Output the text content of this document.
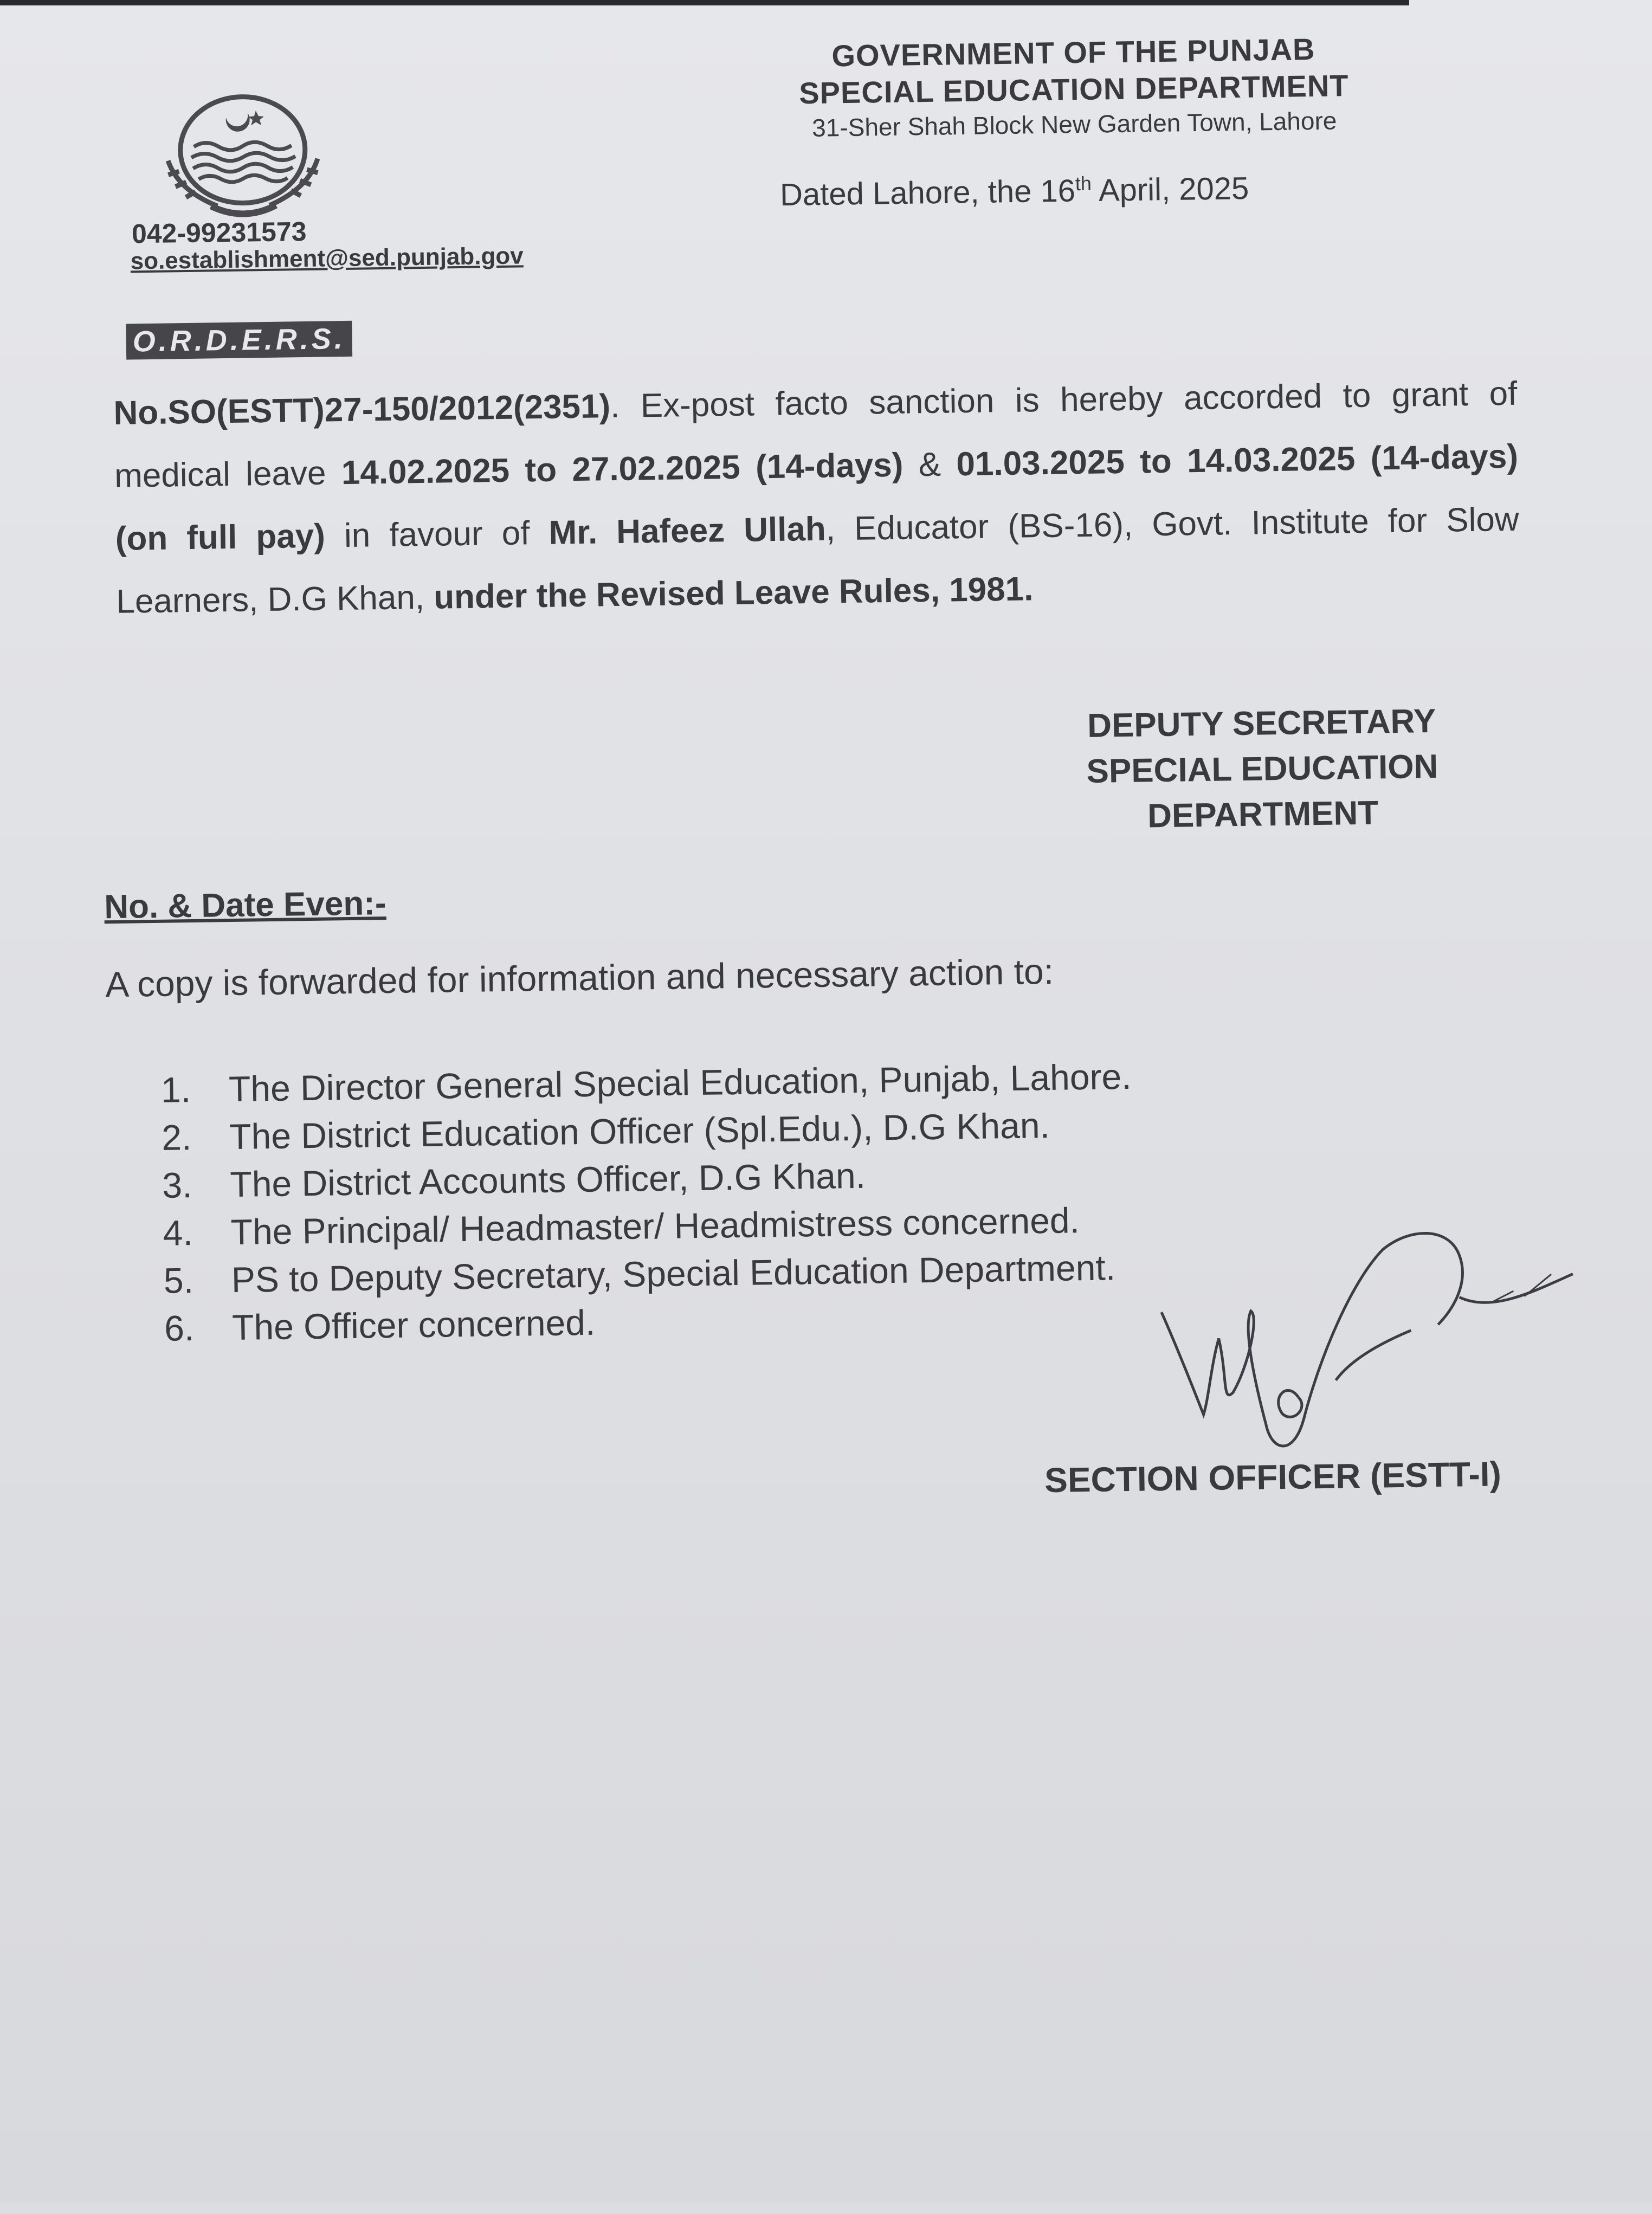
GOVERNMENT OF THE PUNJAB
SPECIAL EDUCATION DEPARTMENT
31-Sher Shah Block New Garden Town, Lahore
Dated Lahore, the 16th April, 2025
042-99231573
so.establishment@sed.punjab.gov
O.R.D.E.R.S.

No.SO(ESTT)27-150/2012(2351). Ex-post facto sanction is hereby accorded to grant of medical leave 14.02.2025 to 27.02.2025 (14-days) & 01.03.2025 to 14.03.2025 (14-days) (on full pay) in favour of Mr. Hafeez Ullah, Educator (BS-16), Govt. Institute for Slow Learners, D.G Khan, under the Revised Leave Rules, 1981.

DEPUTY SECRETARY
SPECIAL EDUCATION
DEPARTMENT
No. & Date Even:-
A copy is forwarded for information and necessary action to:
1.	The Director General Special Education, Punjab, Lahore.
2.	The District Education Officer (Spl.Edu.), D.G Khan.
3.	The District Accounts Officer, D.G Khan.
4.	The Principal/ Headmaster/ Headmistress concerned.
5.	PS to Deputy Secretary, Special Education Department.
6.	The Officer concerned.
SECTION OFFICER (ESTT-I)
